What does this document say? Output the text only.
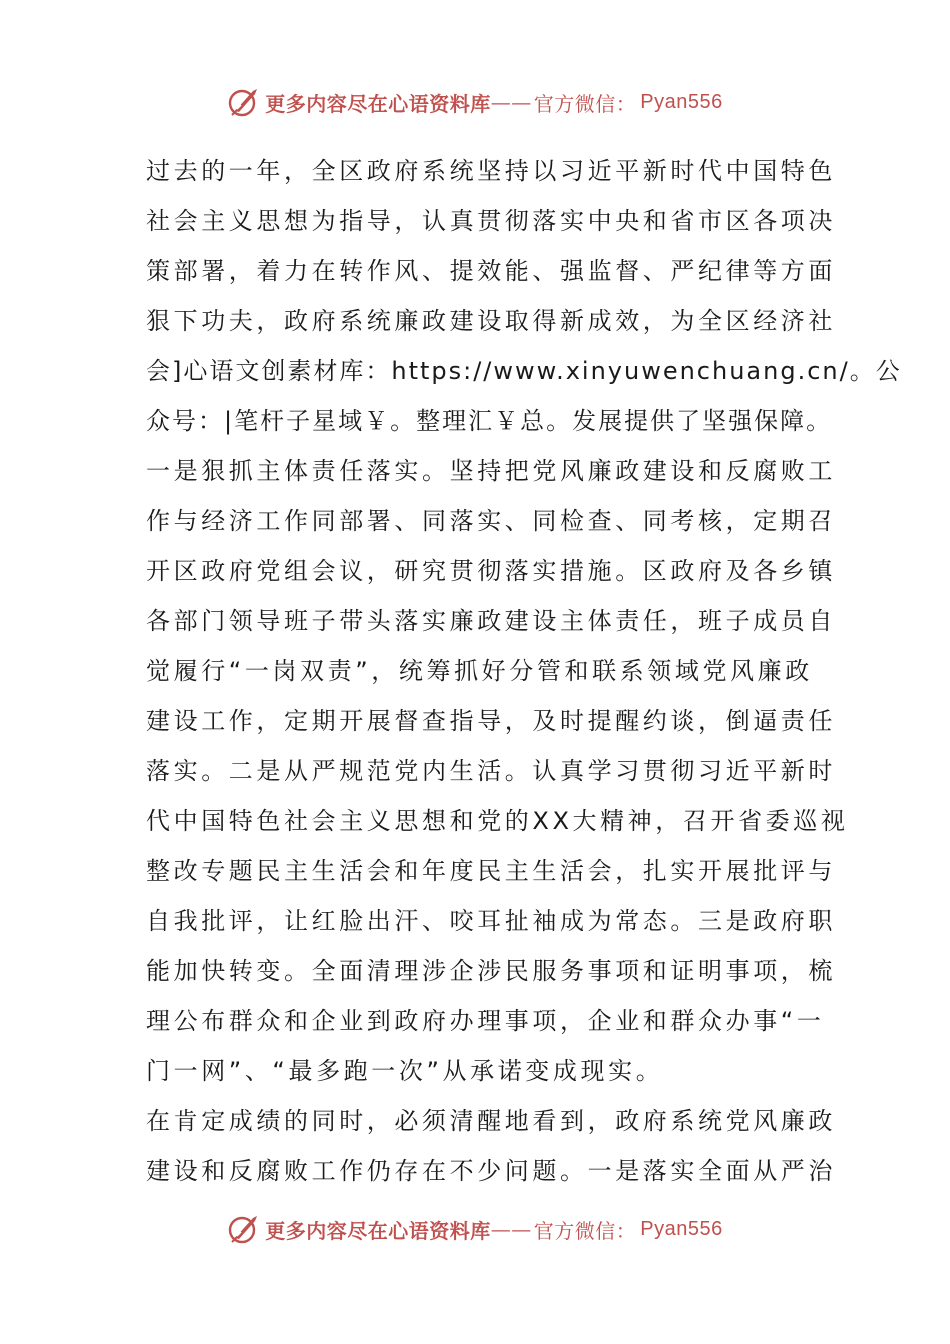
更多内容尽在心语资料库 —— 官方微信： Pyan556
过去的一年，全区政府系统坚持以习近平新时代中国特色
社会主义思想为指导，认真贯彻落实中央和省市区各项决
策部署，着力在转作风、提效能、强监督、严纪律等方面
狠下功夫，政府系统廉政建设取得新成效，为全区经济社
会]心语文创素材库：https://www.xinyuwenchuang.cn/。公
众号：|笔杆子星域￥。整理汇￥总。发展提供了坚强保障。
一是狠抓主体责任落实。坚持把党风廉政建设和反腐败工
作与经济工作同部署、同落实、同检查、同考核，定期召
开区政府党组会议，研究贯彻落实措施。区政府及各乡镇
各部门领导班子带头落实廉政建设主体责任，班子成员自
觉履行“一岗双责”，统筹抓好分管和联系领域党风廉政
建设工作，定期开展督查指导，及时提醒约谈，倒逼责任
落实。二是从严规范党内生活。认真学习贯彻习近平新时
代中国特色社会主义思想和党的XX大精神，召开省委巡视
整改专题民主生活会和年度民主生活会，扎实开展批评与
自我批评，让红脸出汗、咬耳扯袖成为常态。三是政府职
能加快转变。全面清理涉企涉民服务事项和证明事项，梳
理公布群众和企业到政府办理事项，企业和群众办事“一
门一网”、“最多跑一次”从承诺变成现实。
在肯定成绩的同时，必须清醒地看到，政府系统党风廉政
建设和反腐败工作仍存在不少问题。一是落实全面从严治
更多内容尽在心语资料库 —— 官方微信： Pyan556
